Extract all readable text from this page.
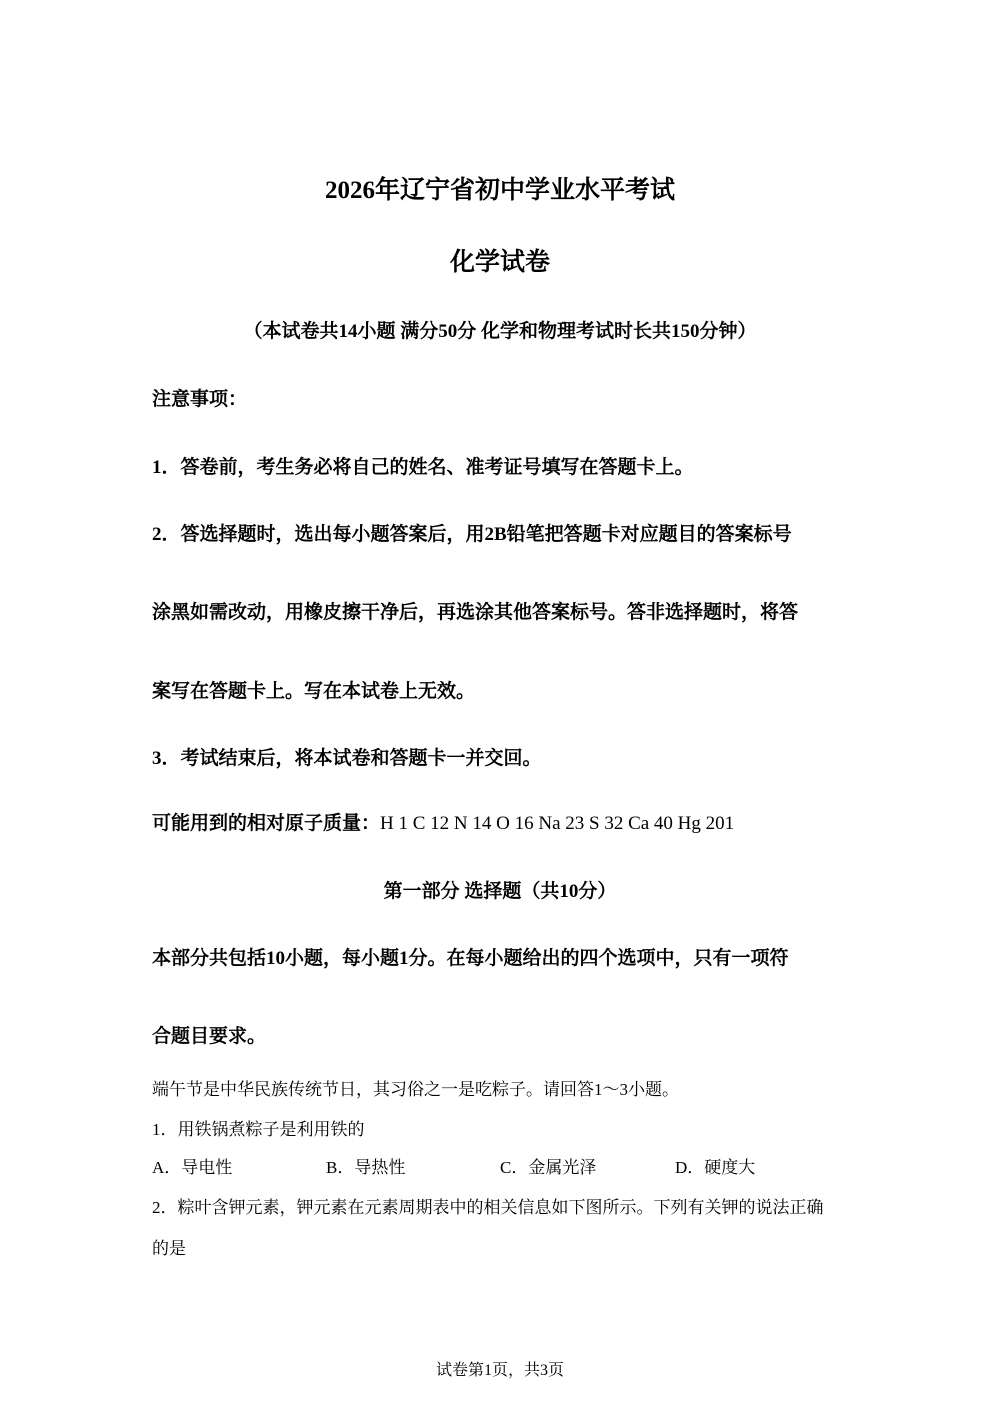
2026年辽宁省初中学业水平考试
化学试卷
（本试卷共14小题 满分50分 化学和物理考试时长共150分钟）
注意事项：
1．答卷前，考生务必将自己的姓名、准考证号填写在答题卡上。
2．答选择题时，选出每小题答案后，用2B铅笔把答题卡对应题目的答案标号
涂黑如需改动，用橡皮擦干净后，再选涂其他答案标号。答非选择题时，将答
案写在答题卡上。写在本试卷上无效。
3．考试结束后，将本试卷和答题卡一并交回。
可能用到的相对原子质量：H 1 C 12 N 14 O 16 Na 23 S 32 Ca 40 Hg 201
第一部分 选择题（共10分）
本部分共包括10小题，每小题1分。在每小题给出的四个选项中，只有一项符
合题目要求。
端午节是中华民族传统节日，其习俗之一是吃粽子。请回答1～3小题。
1．用铁锅煮粽子是利用铁的
A．导电性	B．导热性	C．金属光泽	D．硬度大
2．粽叶含钾元素，钾元素在元素周期表中的相关信息如下图所示。下列有关钾的说法正确
的是
试卷第1页，共3页
